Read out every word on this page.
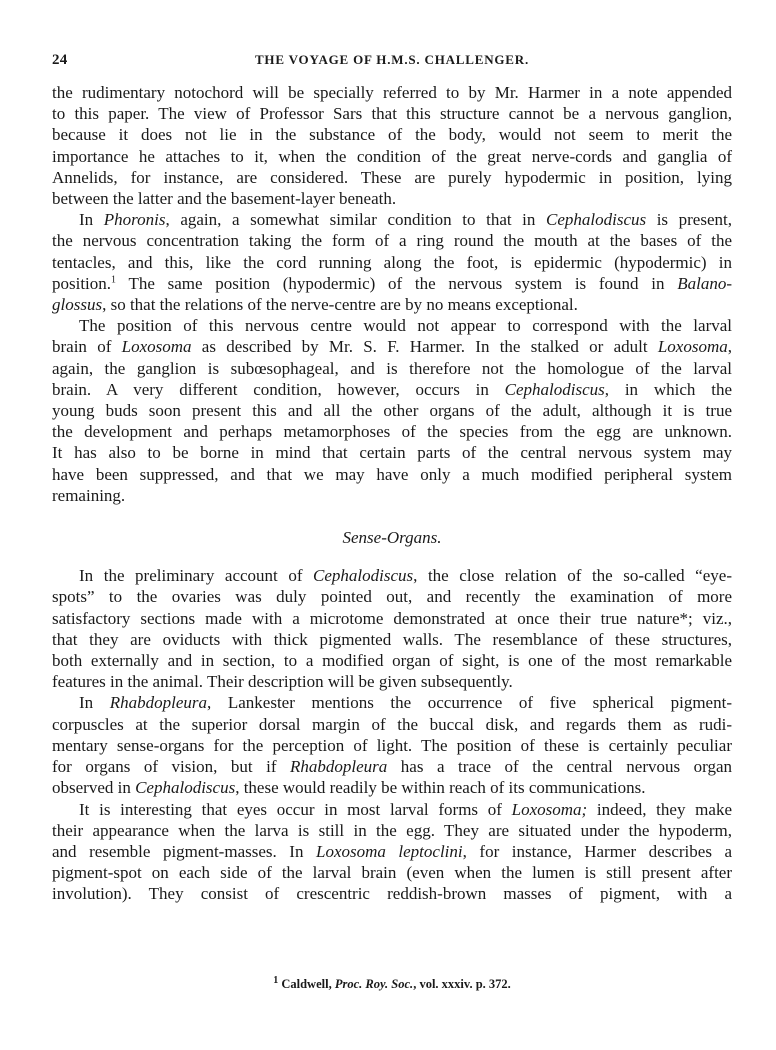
24	THE VOYAGE OF H.M.S. CHALLENGER.

the rudimentary notochord will be specially referred to by Mr. Harmer in a note appended
to this paper. The view of Professor Sars that this structure cannot be a nervous ganglion,
because it does not lie in the substance of the body, would not seem to merit the
importance he attaches to it, when the condition of the great nerve-cords and ganglia of
Annelids, for instance, are considered. These are purely hypodermic in position, lying
between the latter and the basement-layer beneath.

In Phoronis, again, a somewhat similar condition to that in Cephalodiscus is present,
the nervous concentration taking the form of a ring round the mouth at the bases of the
tentacles, and this, like the cord running along the foot, is epidermic (hypodermic) in
position.$^1$ The same position (hypodermic) of the nervous system is found in Balano-
glossus, so that the relations of the nerve-centre are by no means exceptional.

The position of this nervous centre would not appear to correspond with the larval
brain of Loxosoma as described by Mr. S. F. Harmer. In the stalked or adult Loxosoma,
again, the ganglion is subœsophageal, and is therefore not the homologue of the larval
brain. A very different condition, however, occurs in Cephalodiscus, in which the
young buds soon present this and all the other organs of the adult, although it is true
the development and perhaps metamorphoses of the species from the egg are unknown.
It has also to be borne in mind that certain parts of the central nervous system may
have been suppressed, and that we may have only a much modified peripheral system
remaining.

Sense-Organs.

In the preliminary account of Cephalodiscus, the close relation of the so-called “eye-
spots” to the ovaries was duly pointed out, and recently the examination of more
satisfactory sections made with a microtome demonstrated at once their true nature*; viz.,
that they are oviducts with thick pigmented walls. The resemblance of these structures,
both externally and in section, to a modified organ of sight, is one of the most remarkable
features in the animal. Their description will be given subsequently.

In Rhabdopleura, Lankester mentions the occurrence of five spherical pigment-
corpuscles at the superior dorsal margin of the buccal disk, and regards them as rudi-
mentary sense-organs for the perception of light. The position of these is certainly peculiar
for organs of vision, but if Rhabdopleura has a trace of the central nervous organ
observed in Cephalodiscus, these would readily be within reach of its communications.

It is interesting that eyes occur in most larval forms of Loxosoma; indeed, they make
their appearance when the larva is still in the egg. They are situated under the hypoderm,
and resemble pigment-masses. In Loxosoma leptoclini, for instance, Harmer describes a
pigment-spot on each side of the larval brain (even when the lumen is still present after
involution). They consist of crescentric reddish-brown masses of pigment, with a

$^1$ Caldwell, Proc. Roy. Soc., vol. xxxiv. p. 372.
